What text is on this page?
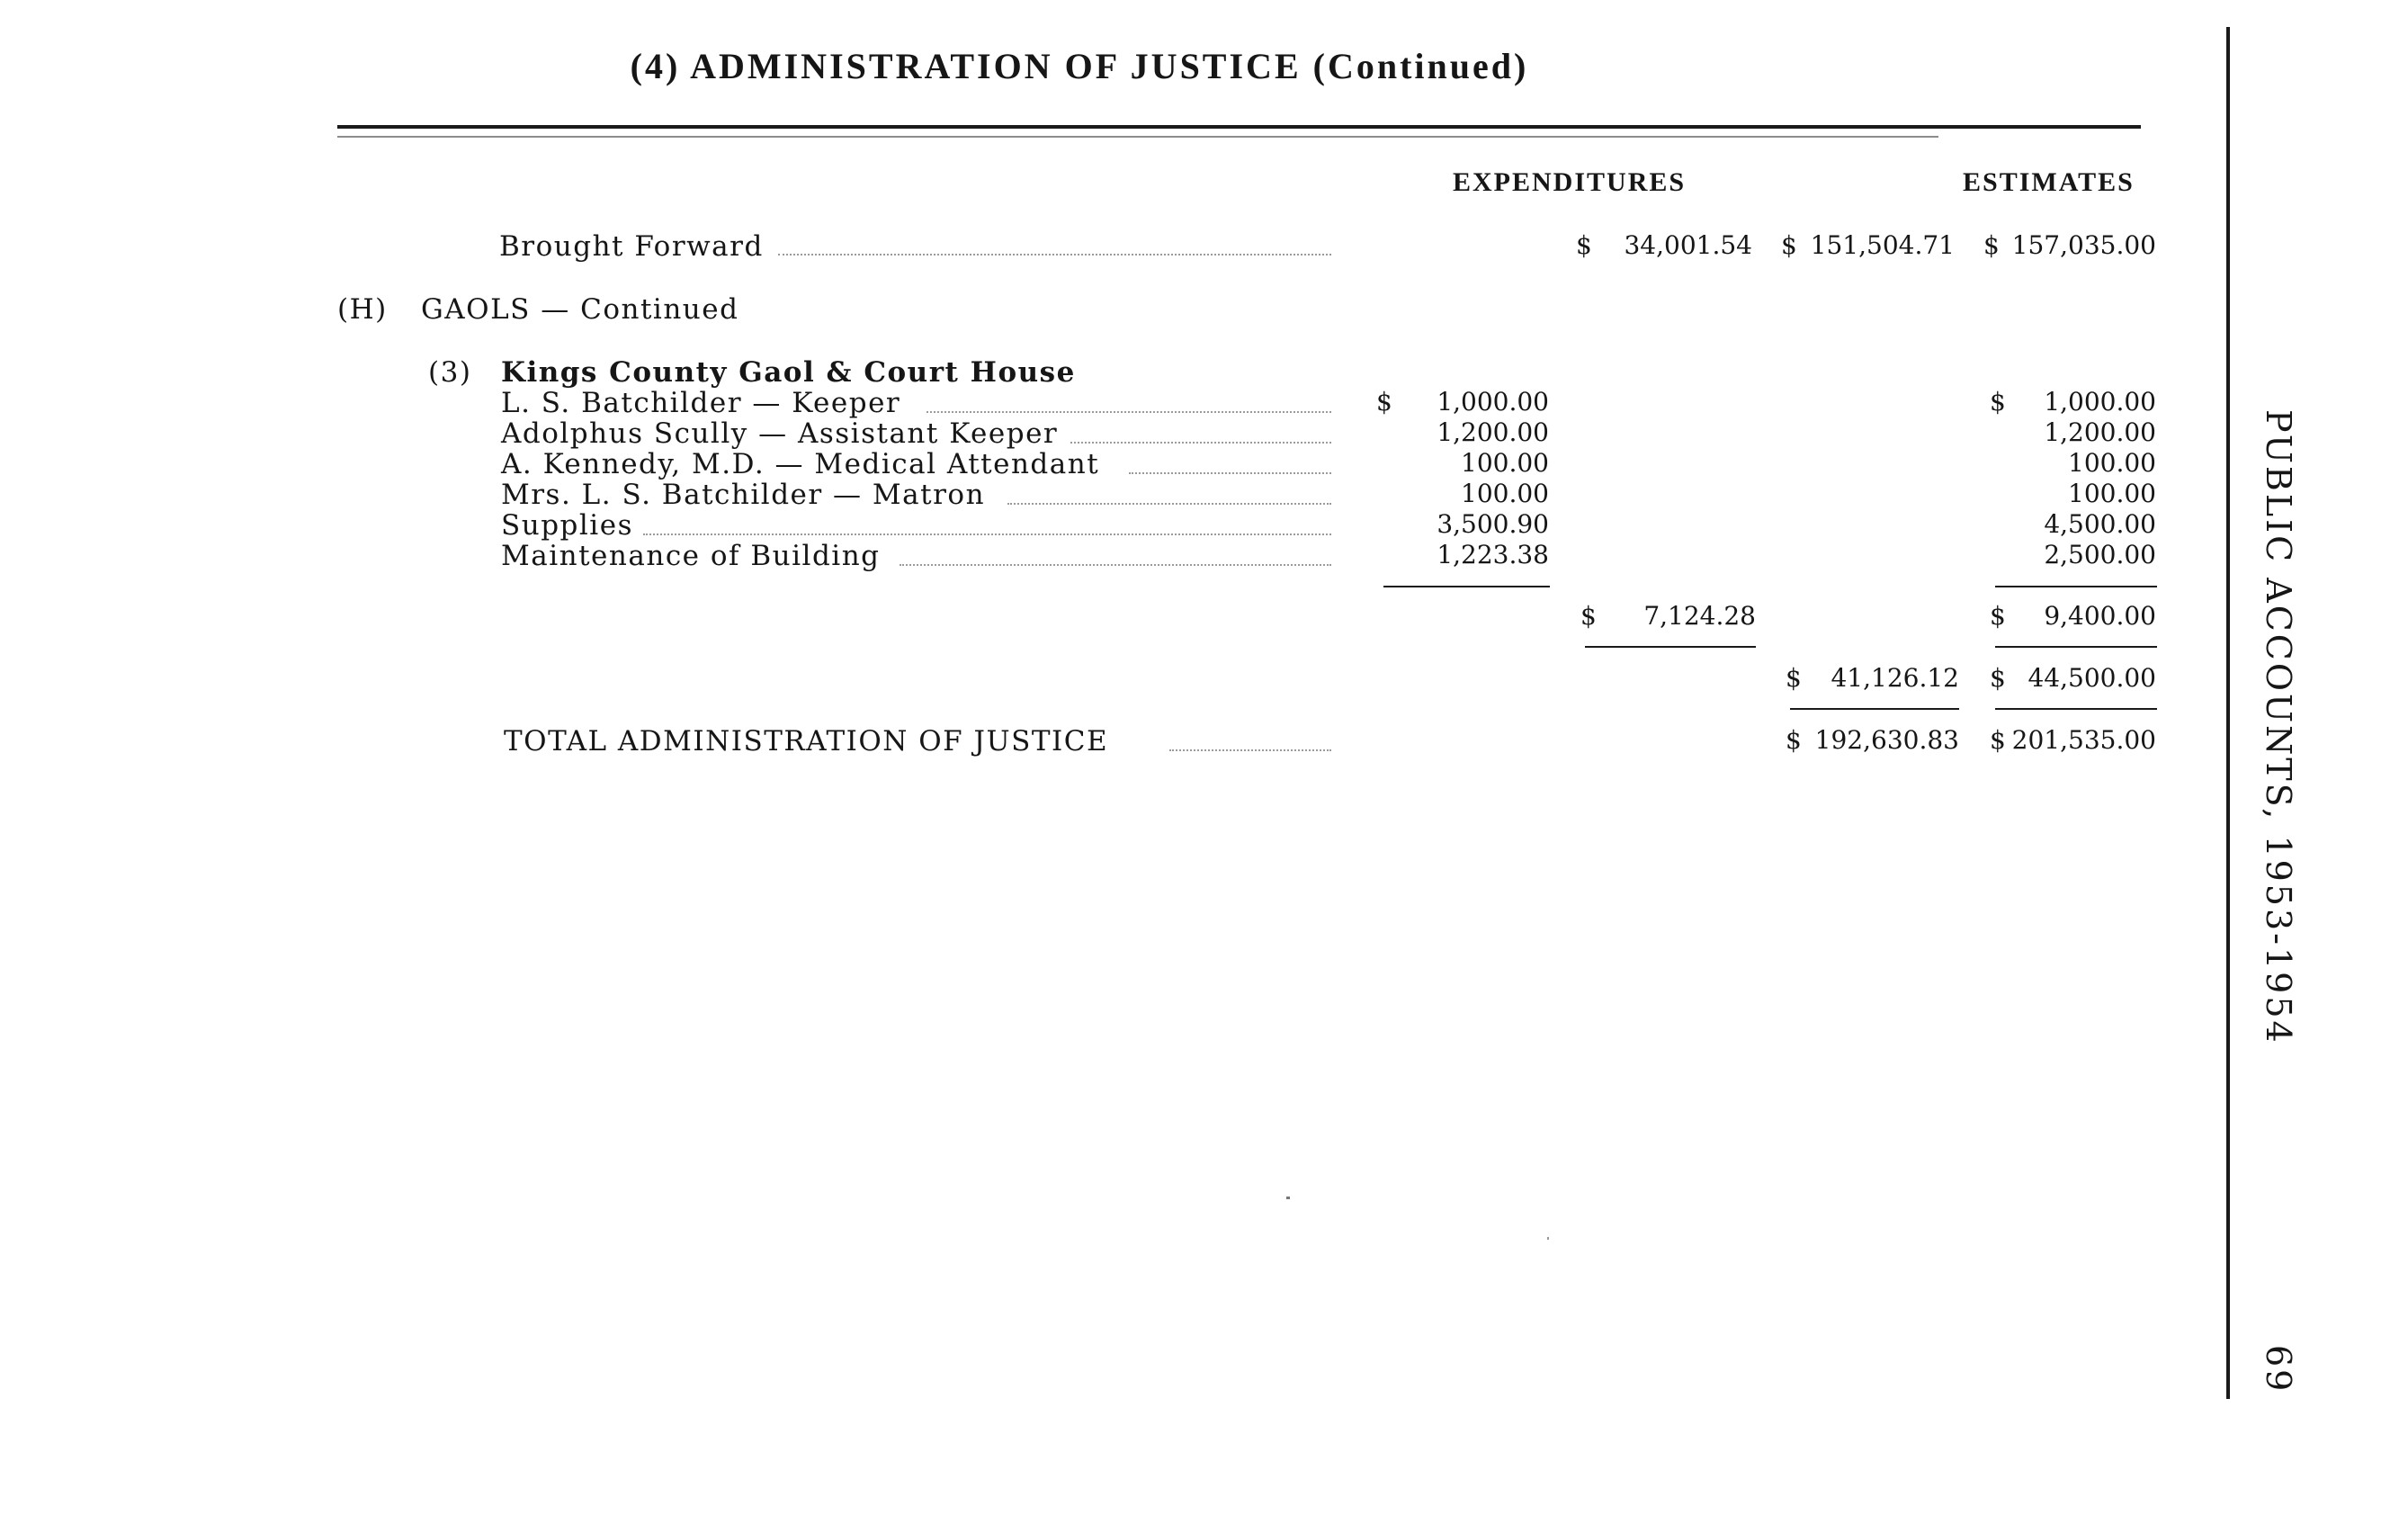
(4) ADMINISTRATION OF JUSTICE (Continued)
EXPENDITURES	ESTIMATES
Brought Forward	$	34,001.54 $ 151,504.71 $ 157,035.00
(H) GAOLS — Continued
(3) Kings County Gaol & Court House
L. S. Batchilder — Keeper	$	1,000.00	$	1,000.00
Adolphus Scully — Assistant Keeper	1,200.00	1,200.00
A. Kennedy, M.D. — Medical Attendant	100.00	100.00
Mrs. L. S. Batchilder — Matron	100.00	100.00
Supplies	3,500.90	4,500.00
Maintenance of Building	1,223.38	2,500.00
$	7,124.28	$	9,400.00
$	41,126.12 $ 44,500.00
TOTAL ADMINISTRATION OF JUSTICE	$ 192,630.83 $ 201,535.00	PUBLIC ACCOUNTS, 1953-1954
69
